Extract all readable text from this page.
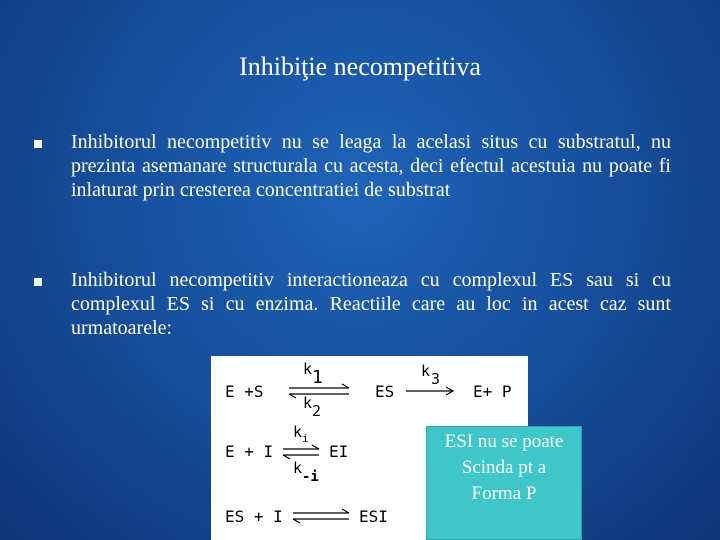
Inhibiţie necompetitiva
Inhibitorul necompetitiv nu se leaga la acelasi situs cu substratul, nu prezinta asemanare structurala cu acesta, deci efectul acestuia nu poate fi inlaturat prin cresterea concentratiei de substrat
Inhibitorul necompetitiv interactioneaza cu complexul ES sau si cu complexul ES si cu enzima. Reactiile care au loc in acest caz sunt urmatoarele:
E +S
k 1
k 2
ES
k 3
E+ P
E + I
k i
k -i
EI
ES + I	ESI
ESI nu se poate
Scinda pt a
Forma P
